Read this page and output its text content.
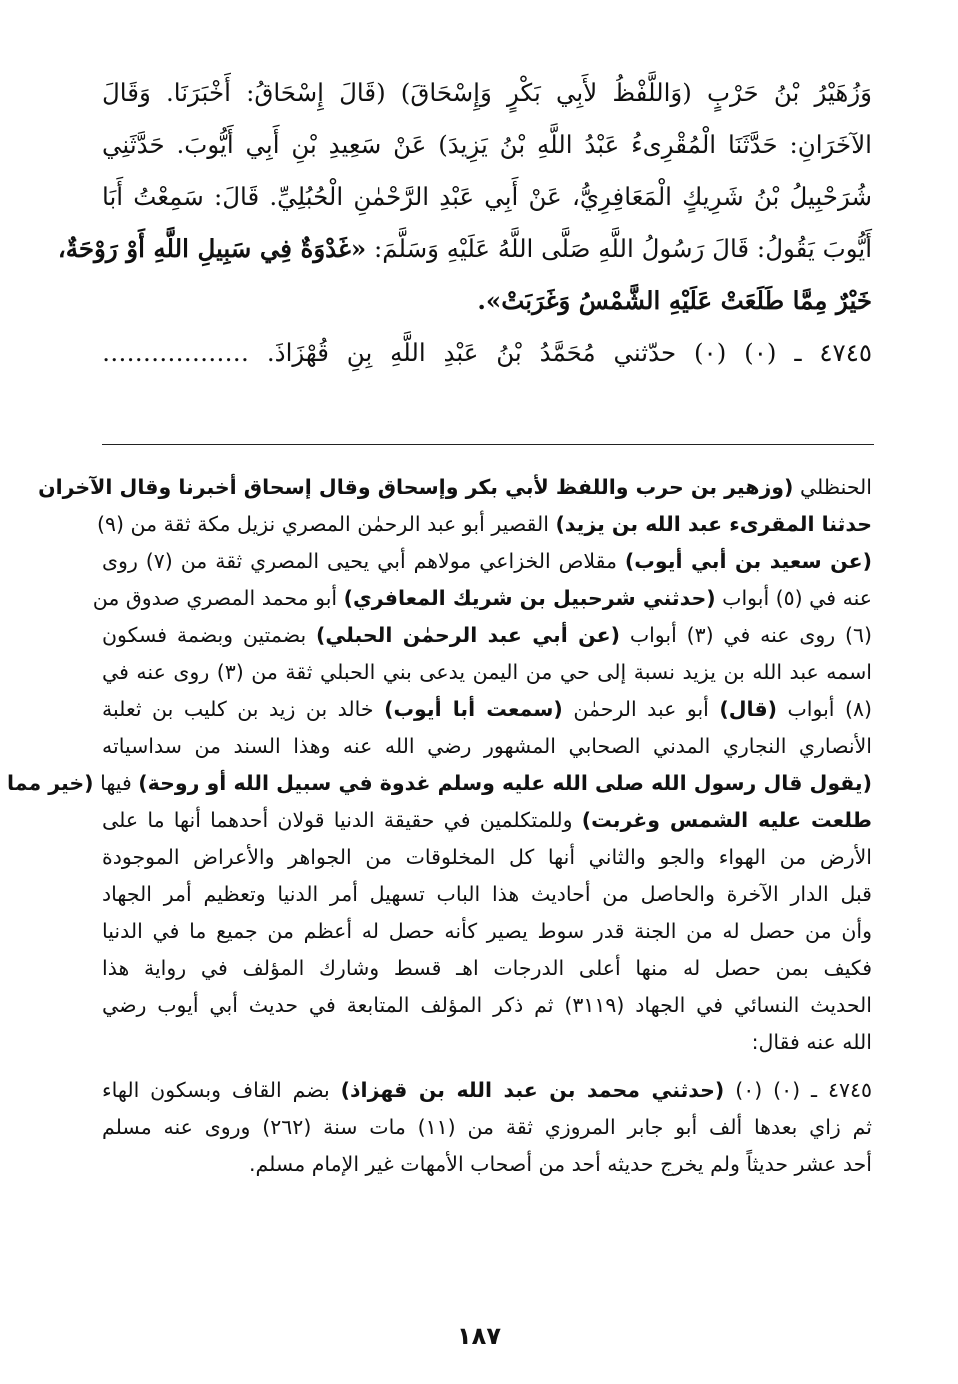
وَزُهَيْرُ بْنُ حَرْبٍ (وَاللَّفْظُ لأَبِي بَكْرٍ وَإِسْحَاقَ) (قَالَ إِسْحَاقُ: أَخْبَرَنَا. وَقَالَ
الآخَرَانِ: حَدَّثَنَا الْمُقْرِىءُ عَبْدُ اللَّهِ بْنُ يَزِيدَ) عَنْ سَعِيدِ بْنِ أَبِي أَيُّوبَ. حَدَّثَنِي
شُرَحْبِيلُ بْنُ شَرِيكٍ الْمَعَافِرِيُّ، عَنْ أَبِي عَبْدِ الرَّحْمٰنِ الْحُبُلِيِّ. قَالَ: سَمِعْتُ أَبَا
أَيُّوبَ يَقُولُ: قَالَ رَسُولُ اللَّهِ صَلَّى اللَّهُ عَلَيْهِ وَسَلَّمَ: «غَدْوَةٌ فِي سَبِيلِ اللَّهِ أَوْ رَوْحَةٌ،
خَيْرٌ مِمَّا طَلَعَتْ عَلَيْهِ الشَّمْسُ وَغَرَبَتْ».
٤٧٤٥ ـ (٠) (٠) حدّثني مُحَمَّدُ بْنُ عَبْدِ اللَّهِ بِنِ قُهْزَاذَ. ………………
الحنظلي (وزهير بن حرب واللفظ لأبي بكر وإسحاق وقال إسحاق أخبرنا وقال الآخران
حدثنا المقرىء عبد الله بن يزيد) القصير أبو عبد الرحمٰن المصري نزيل مكة ثقة من (٩)
(عن سعيد بن أبي أيوب) مقلاص الخزاعي مولاهم أبي يحيى المصري ثقة من (٧) روى
عنه في (٥) أبواب (حدثني شرحبيل بن شريك المعافري) أبو محمد المصري صدوق من
(٦) روى عنه في (٣) أبواب (عن أبي عبد الرحمٰن الحبلي) بضمتين وبضمة فسكون
اسمه عبد الله بن يزيد نسبة إلى حي من اليمن يدعى بني الحبلي ثقة من (٣) روى عنه في
(٨) أبواب (قال) أبو عبد الرحمٰن (سمعت أبا أيوب) خالد بن زيد بن كليب بن ثعلبة
الأنصاري النجاري المدني الصحابي المشهور رضي الله عنه وهذا السند من سداسياته
(يقول قال رسول الله صلى الله عليه وسلم غدوة في سبيل الله أو روحة) فيها (خير مما
طلعت عليه الشمس وغربت) وللمتكلمين في حقيقة الدنيا قولان أحدهما أنها ما على
الأرض من الهواء والجو والثاني أنها كل المخلوقات من الجواهر والأعراض الموجودة
قبل الدار الآخرة والحاصل من أحاديث هذا الباب تسهيل أمر الدنيا وتعظيم أمر الجهاد
وأن من حصل له من الجنة قدر سوط يصير كأنه حصل له أعظم من جميع ما في الدنيا
فكيف بمن حصل له منها أعلى الدرجات اهـ قسط وشارك المؤلف في رواية هذا
الحديث النسائي في الجهاد (٣١١٩) ثم ذكر المؤلف المتابعة في حديث أبي أيوب رضي
الله عنه فقال:
٤٧٤٥ ـ (٠) (٠) (حدثني محمد بن عبد الله بن قهزاذ) بضم القاف وبسكون الهاء
ثم زاي بعدها ألف أبو جابر المروزي ثقة من (١١) مات سنة (٢٦٢) وروى عنه مسلم
أحد عشر حديثاً ولم يخرج حديثه أحد من أصحاب الأمهات غير الإمام مسلم.
١٨٧
